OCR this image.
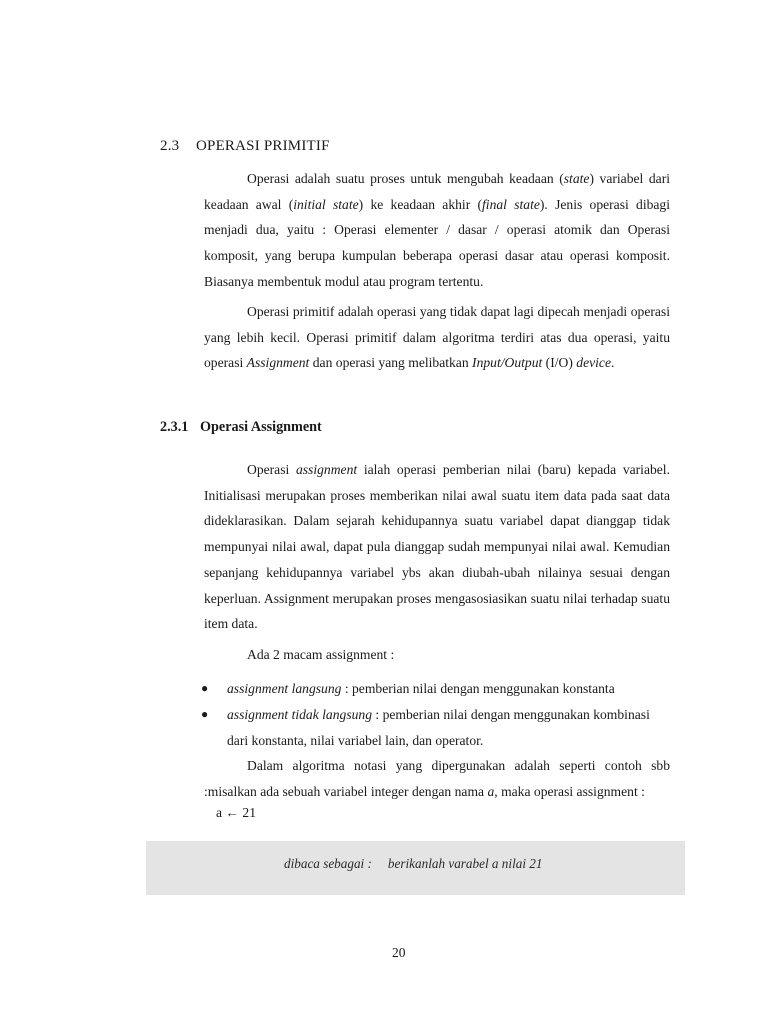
2.3 OPERASI PRIMITIF

Operasi adalah suatu proses untuk mengubah keadaan (state) variabel dari keadaan awal (initial state) ke keadaan akhir (final state). Jenis operasi dibagi menjadi dua, yaitu : Operasi elementer / dasar / operasi atomik dan Operasi komposit, yang berupa kumpulan beberapa operasi dasar atau operasi komposit. Biasanya membentuk modul atau program tertentu.

Operasi primitif adalah operasi yang tidak dapat lagi dipecah menjadi operasi yang lebih kecil. Operasi primitif dalam algoritma terdiri atas dua operasi, yaitu operasi Assignment dan operasi yang melibatkan Input/Output (I/O) device.

2.3.1 Operasi Assignment

Operasi assignment ialah operasi pemberian nilai (baru) kepada variabel. Initialisasi merupakan proses memberikan nilai awal suatu item data pada saat data dideklarasikan. Dalam sejarah kehidupannya suatu variabel dapat dianggap tidak mempunyai nilai awal, dapat pula dianggap sudah mempunyai nilai awal. Kemudian sepanjang kehidupannya variabel ybs akan diubah-ubah nilainya sesuai dengan keperluan. Assignment merupakan proses mengasosiasikan suatu nilai terhadap suatu item data.

Ada 2 macam assignment :

● assignment langsung : pemberian nilai dengan menggunakan konstanta
● assignment tidak langsung : pemberian nilai dengan menggunakan kombinasi dari konstanta, nilai variabel lain, dan operator.

Dalam algoritma notasi yang dipergunakan adalah seperti contoh sbb :misalkan ada sebuah variabel integer dengan nama a, maka operasi assignment :

a ← 21
dibaca sebagai : berikanlah varabel a nilai 21
20
